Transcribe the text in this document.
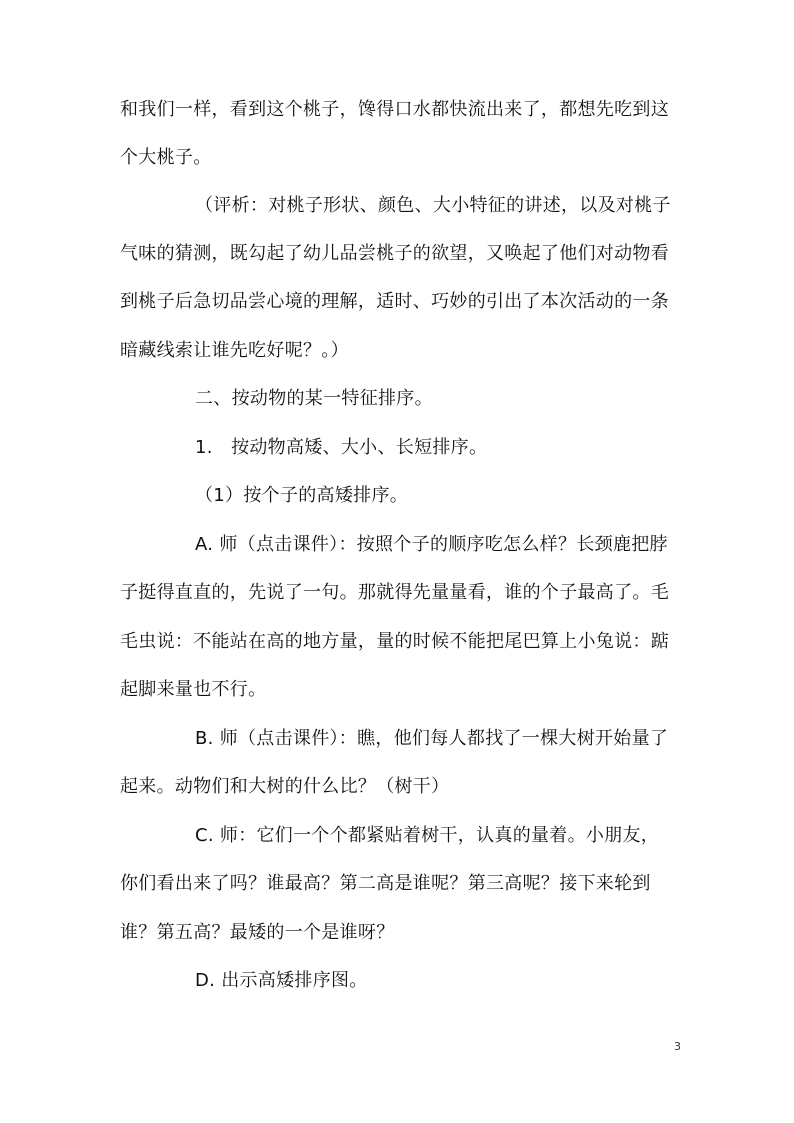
和我们一样，看到这个桃子，馋得口水都快流出来了，都想先吃到这
个大桃子。
（评析：对桃子形状、颜色、大小特征的讲述，以及对桃子
气味的猜测，既勾起了幼儿品尝桃子的欲望，又唤起了他们对动物看
到桃子后急切品尝心境的理解，适时、巧妙的引出了本次活动的一条
暗藏线索让谁先吃好呢？。）
二、按动物的某一特征排序。
1.　按动物高矮、大小、长短排序。
（1）按个子的高矮排序。
A. 师（点击课件）：按照个子的顺序吃怎么样？长颈鹿把脖
子挺得直直的，先说了一句。那就得先量量看，谁的个子最高了。毛
毛虫说：不能站在高的地方量，量的时候不能把尾巴算上小兔说：踮
起脚来量也不行。
B. 师（点击课件）：瞧，他们每人都找了一棵大树开始量了
起来。动物们和大树的什么比？（树干）
C. 师：它们一个个都紧贴着树干，认真的量着。小朋友，
你们看出来了吗？谁最高？第二高是谁呢？第三高呢？接下来轮到
谁？第五高？最矮的一个是谁呀？
D. 出示高矮排序图。
3
